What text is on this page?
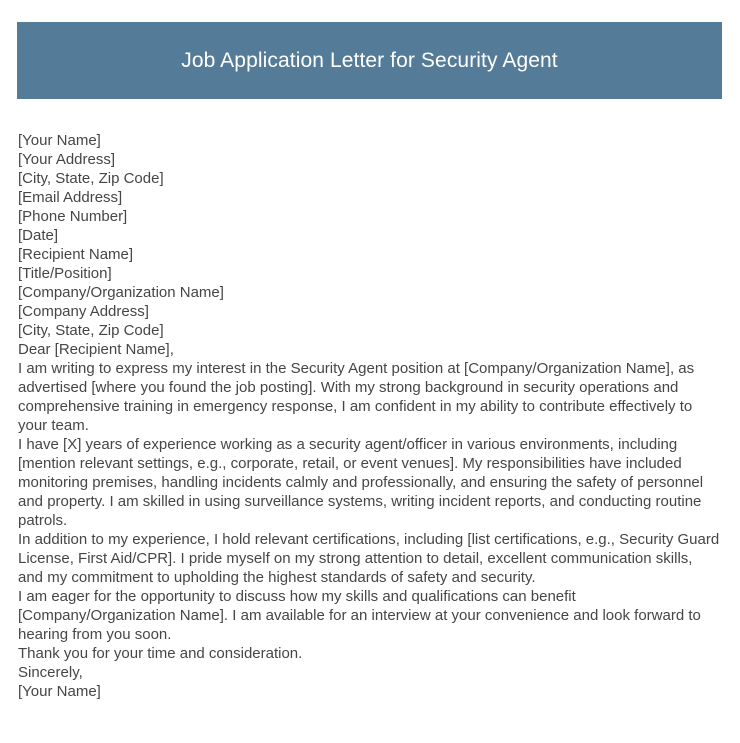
Job Application Letter for Security Agent
[Your Name]
[Your Address]
[City, State, Zip Code]
[Email Address]
[Phone Number]
[Date]
[Recipient Name]
[Title/Position]
[Company/Organization Name]
[Company Address]
[City, State, Zip Code]
Dear [Recipient Name],
I am writing to express my interest in the Security Agent position at [Company/Organization Name], as advertised [where you found the job posting]. With my strong background in security operations and comprehensive training in emergency response, I am confident in my ability to contribute effectively to your team.
I have [X] years of experience working as a security agent/officer in various environments, including [mention relevant settings, e.g., corporate, retail, or event venues]. My responsibilities have included monitoring premises, handling incidents calmly and professionally, and ensuring the safety of personnel and property. I am skilled in using surveillance systems, writing incident reports, and conducting routine patrols.
In addition to my experience, I hold relevant certifications, including [list certifications, e.g., Security Guard License, First Aid/CPR]. I pride myself on my strong attention to detail, excellent communication skills, and my commitment to upholding the highest standards of safety and security.
I am eager for the opportunity to discuss how my skills and qualifications can benefit [Company/Organization Name]. I am available for an interview at your convenience and look forward to hearing from you soon.
Thank you for your time and consideration.
Sincerely,
[Your Name]
